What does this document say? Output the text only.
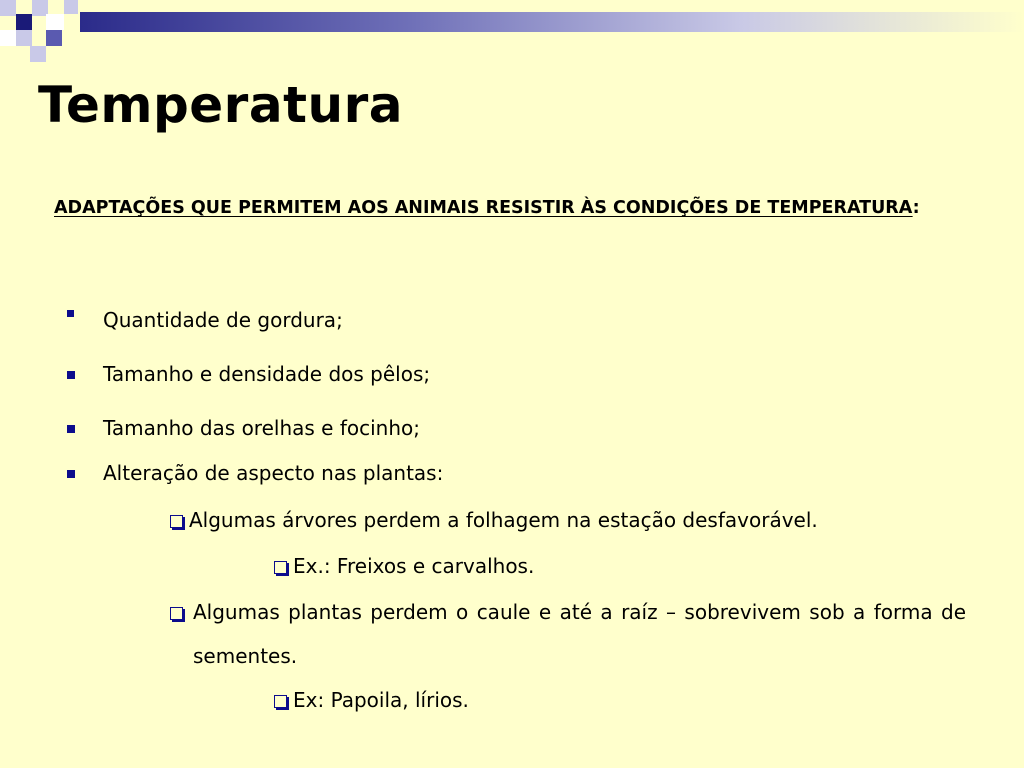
Temperatura

ADAPTAÇÕES QUE PERMITEM AOS ANIMAIS RESISTIR ÀS CONDIÇÕES DE TEMPERATURA:

Quantidade de gordura;
Tamanho e densidade dos pêlos;
Tamanho das orelhas e focinho;
Alteração de aspecto nas plantas:
Algumas árvores perdem a folhagem na estação desfavorável.
Ex.: Freixos e carvalhos.
Algumas plantas perdem o caule e até a raíz – sobrevivem sob a forma de sementes.
Ex: Papoila, lírios.
